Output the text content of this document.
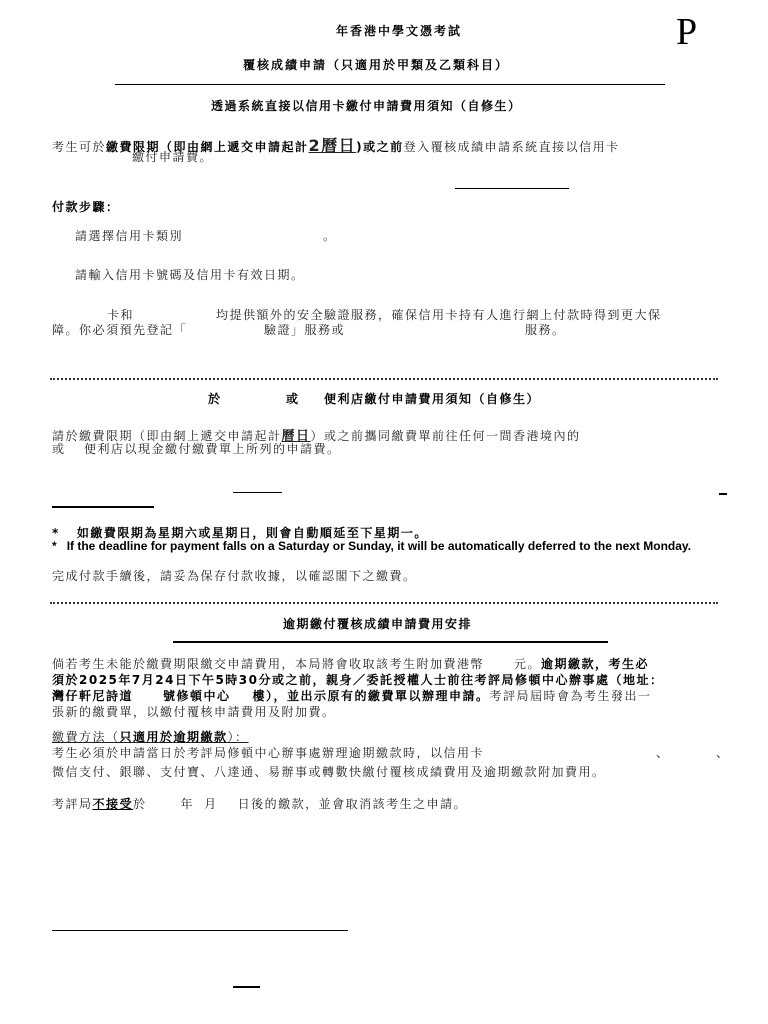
年香港中學文憑考試	P
覆核成績申請（只適用於甲類及乙類科目）
透過系統直接以信用卡繳付申請費用須知（自修生）
考生可於繳費限期（即由網上遞交申請起計2曆日)或之前登入覆核成績申請系統直接以信用卡
繳付申請費。
付款步驟：
請選擇信用卡類別	。
請輸入信用卡號碼及信用卡有效日期。
卡和	均提供額外的安全驗證服務，確保信用卡持有人進行網上付款時得到更大保
障。你必須預先登記「	驗證」服務或	服務。
於	或 便利店繳付申請費用須知（自修生）
請於繳費限期（即由網上遞交申請起計曆日）或之前攜同繳費單前往任何一間香港境內的
或 便利店以現金繳付繳費單上所列的申請費。
* 如繳費限期為星期六或星期日，則會自動順延至下星期一。
* If the deadline for payment falls on a Saturday or Sunday, it will be automatically deferred to the next Monday.
完成付款手續後，請妥為保存付款收據，以確認閣下之繳費。
逾期繳付覆核成績申請費用安排
倘若考生未能於繳費期限繳交申請費用，本局將會收取該考生附加費港幣	元。逾期繳款，考生必
須於2025年7月24日下午5時30分或之前，親身／委託授權人士前往考評局修頓中心辦事處（地址：
灣仔軒尼詩道	號修頓中心 樓），並出示原有的繳費單以辦理申請。考評局屆時會為考生發出一
張新的繳費單，以繳付覆核申請費用及附加費。
繳費方法（只適用於逾期繳款）：
考生必須於申請當日於考評局修頓中心辦事處辦理逾期繳款時，以信用卡	、	、
微信支付、銀聯、支付寶、八達通、易辦事或轉數快繳付覆核成績費用及逾期繳款附加費用。
考評局不接受於	年 月 日後的繳款，並會取消該考生之申請。
